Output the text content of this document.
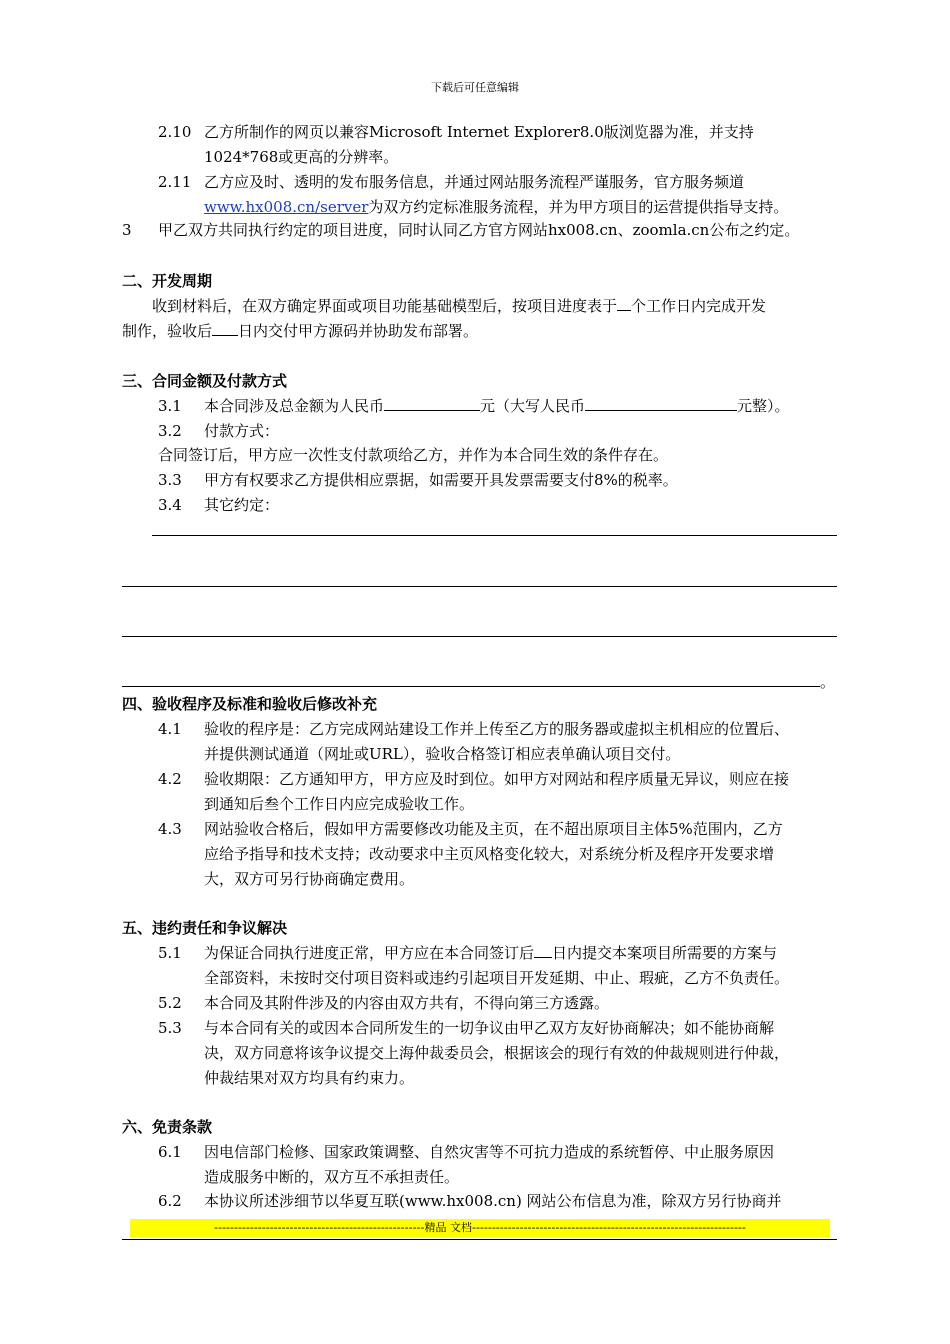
下载后可任意编辑
2.10 乙方所制作的网页以兼容Microsoft Internet Explorer8.0版浏览器为准，并支持
1024*768或更高的分辨率。
2.11 乙方应及时、透明的发布服务信息，并通过网站服务流程严谨服务，官方服务频道
www.hx008.cn/server为双方约定标准服务流程，并为甲方项目的运营提供指导支持。
3 甲乙双方共同执行约定的项目进度，同时认同乙方官方网站hx008.cn、zoomla.cn公布之约定。
二、开发周期
收到材料后，在双方确定界面或项目功能基础模型后，按项目进度表于 个工作日内完成开发
制作，验收后 日内交付甲方源码并协助发布部署。
三、合同金额及付款方式
3.1 本合同涉及总金额为人民币	元（大写人民币	元整）。
3.2 付款方式：
合同签订后，甲方应一次性支付款项给乙方，并作为本合同生效的条件存在。
3.3 甲方有权要求乙方提供相应票据，如需要开具发票需要支付8%的税率。
3.4 其它约定：
。
四、验收程序及标准和验收后修改补充
4.1 验收的程序是：乙方完成网站建设工作并上传至乙方的服务器或虚拟主机相应的位置后、
并提供测试通道（网址或URL），验收合格签订相应表单确认项目交付。
4.2 验收期限：乙方通知甲方，甲方应及时到位。如甲方对网站和程序质量无异议，则应在接
到通知后叁个工作日内应完成验收工作。
4.3 网站验收合格后，假如甲方需要修改功能及主页，在不超出原项目主体5%范围内，乙方
应给予指导和技术支持；改动要求中主页风格变化较大，对系统分析及程序开发要求增
大，双方可另行协商确定费用。
五、违约责任和争议解决
5.1 为保证合同执行进度正常，甲方应在本合同签订后 日内提交本案项目所需要的方案与
全部资料，未按时交付项目资料或违约引起项目开发延期、中止、瑕疵，乙方不负责任。
5.2 本合同及其附件涉及的内容由双方共有，不得向第三方透露。
5.3 与本合同有关的或因本合同所发生的一切争议由甲乙双方友好协商解决；如不能协商解
决，双方同意将该争议提交上海仲裁委员会，根据该会的现行有效的仲裁规则进行仲裁，
仲裁结果对双方均具有约束力。
六、免责条款
6.1 因电信部门检修、国家政策调整、自然灾害等不可抗力造成的系统暂停、中止服务原因
造成服务中断的，双方互不承担责任。
6.2 本协议所述涉细节以华夏互联(www.hx008.cn) 网站公布信息为准，除双方另行协商并
-----------------------------------------------------精品 文档---------------------------------------------------------------------
